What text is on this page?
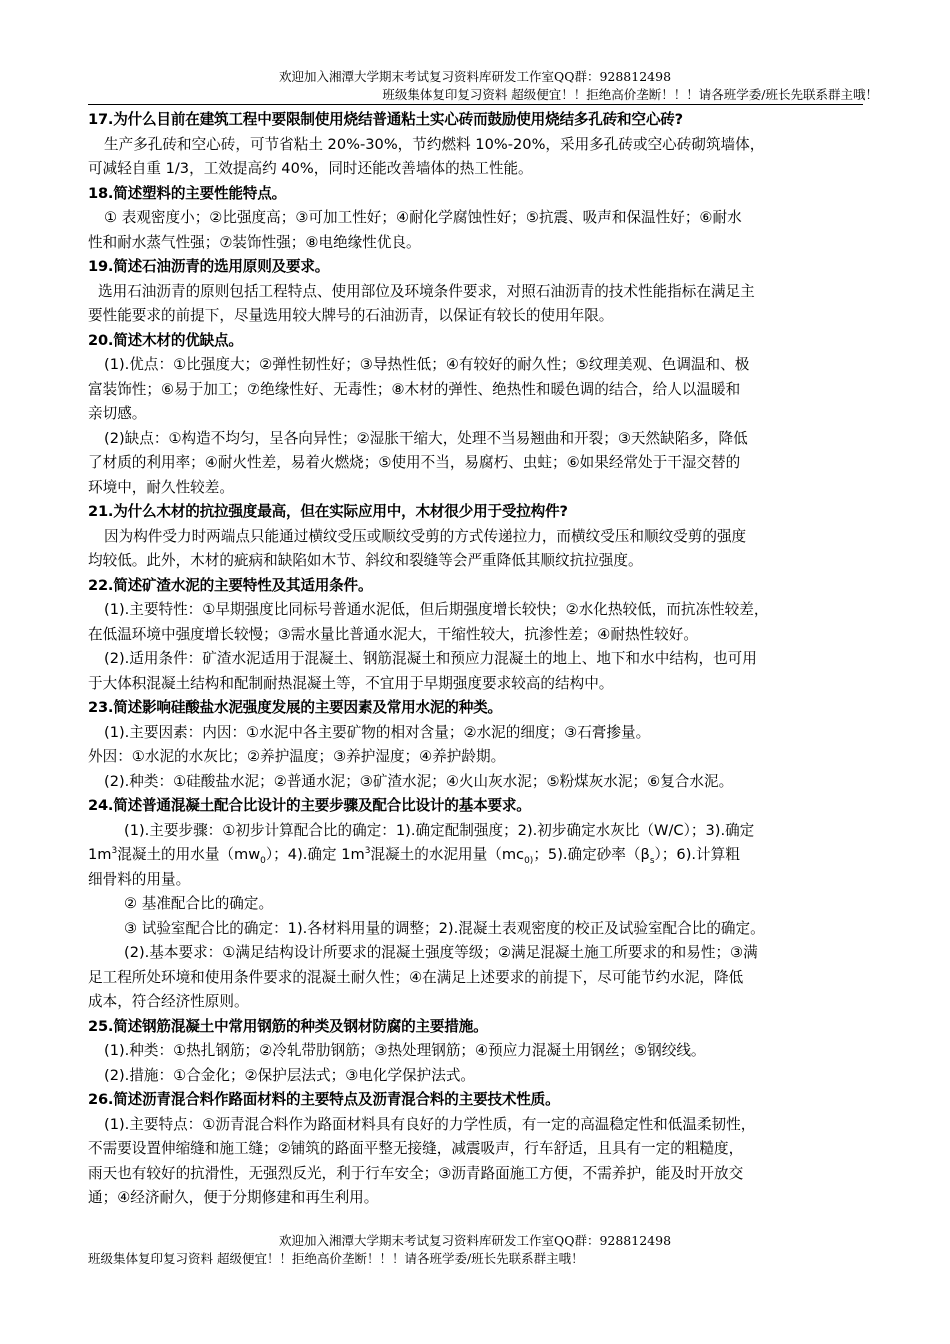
欢迎加入湘潭大学期末考试复习资料库研发工作室QQ群：928812498
班级集体复印复习资料 超级便宜！！拒绝高价垄断！！！请各班学委/班长先联系群主哦！

17.为什么目前在建筑工程中要限制使用烧结普通粘土实心砖而鼓励使用烧结多孔砖和空心砖?

生产多孔砖和空心砖，可节省粘土 20%-30%，节约燃料 10%-20%，采用多孔砖或空心砖砌筑墙体，

可减轻自重 1/3，工效提高约 40%，同时还能改善墙体的热工性能。

18.简述塑料的主要性能特点。

① 表观密度小；②比强度高；③可加工性好；④耐化学腐蚀性好；⑤抗震、吸声和保温性好；⑥耐水

性和耐水蒸气性强；⑦装饰性强；⑧电绝缘性优良。

19.简述石油沥青的选用原则及要求。

选用石油沥青的原则包括工程特点、使用部位及环境条件要求，对照石油沥青的技术性能指标在满足主

要性能要求的前提下，尽量选用较大牌号的石油沥青，以保证有较长的使用年限。

20.简述木材的优缺点。

(1).优点：①比强度大；②弹性韧性好；③导热性低；④有较好的耐久性；⑤纹理美观、色调温和、极

富装饰性；⑥易于加工；⑦绝缘性好、无毒性；⑧木材的弹性、绝热性和暖色调的结合，给人以温暖和

亲切感。

(2)缺点：①构造不均匀，呈各向异性；②湿胀干缩大，处理不当易翘曲和开裂；③天然缺陷多，降低

了材质的利用率；④耐火性差，易着火燃烧；⑤使用不当，易腐朽、虫蛀；⑥如果经常处于干湿交替的

环境中，耐久性较差。

21.为什么木材的抗拉强度最高，但在实际应用中，木材很少用于受拉构件?

因为构件受力时两端点只能通过横纹受压或顺纹受剪的方式传递拉力，而横纹受压和顺纹受剪的强度

均较低。此外，木材的疵病和缺陷如木节、斜纹和裂缝等会严重降低其顺纹抗拉强度。

22.简述矿渣水泥的主要特性及其适用条件。

(1).主要特性：①早期强度比同标号普通水泥低，但后期强度增长较快；②水化热较低，而抗冻性较差，

在低温环境中强度增长较慢；③需水量比普通水泥大，干缩性较大，抗渗性差；④耐热性较好。

(2).适用条件：矿渣水泥适用于混凝土、钢筋混凝土和预应力混凝土的地上、地下和水中结构，也可用

于大体积混凝土结构和配制耐热混凝土等，不宜用于早期强度要求较高的结构中。

23.简述影响硅酸盐水泥强度发展的主要因素及常用水泥的种类。

(1).主要因素：内因：①水泥中各主要矿物的相对含量；②水泥的细度；③石膏掺量。

外因：①水泥的水灰比；②养护温度；③养护湿度；④养护龄期。

(2).种类：①硅酸盐水泥；②普通水泥；③矿渣水泥；④火山灰水泥；⑤粉煤灰水泥；⑥复合水泥。

24.简述普通混凝土配合比设计的主要步骤及配合比设计的基本要求。

(1).主要步骤：①初步计算配合比的确定：1).确定配制强度；2).初步确定水灰比（W/C）；3).确定

$1m^3$混凝土的用水量$(mw_0)$；4).确定 $1m^3$混凝土的水泥用量（$mc_{0)}$；5).确定砂率$(\beta_s)$；6).计算粗

细骨料的用量。

② 基准配合比的确定。

③ 试验室配合比的确定：1).各材料用量的调整；2).混凝土表观密度的校正及试验室配合比的确定。

(2).基本要求：①满足结构设计所要求的混凝土强度等级；②满足混凝土施工所要求的和易性；③满

足工程所处环境和使用条件要求的混凝土耐久性；④在满足上述要求的前提下，尽可能节约水泥，降低

成本，符合经济性原则。

25.简述钢筋混凝土中常用钢筋的种类及钢材防腐的主要措施。

(1).种类：①热扎钢筋；②冷轧带肋钢筋；③热处理钢筋；④预应力混凝土用钢丝；⑤钢绞线。

(2).措施：①合金化；②保护层法式；③电化学保护法式。

26.简述沥青混合料作路面材料的主要特点及沥青混合料的主要技术性质。

(1).主要特点：①沥青混合料作为路面材料具有良好的力学性质，有一定的高温稳定性和低温柔韧性，

不需要设置伸缩缝和施工缝；②铺筑的路面平整无接缝，减震吸声，行车舒适，且具有一定的粗糙度，

雨天也有较好的抗滑性，无强烈反光，利于行车安全；③沥青路面施工方便，不需养护，能及时开放交

通；④经济耐久，便于分期修建和再生利用。

欢迎加入湘潭大学期末考试复习资料库研发工作室QQ群：928812498
班级集体复印复习资料 超级便宜！！拒绝高价垄断！！！请各班学委/班长先联系群主哦！
